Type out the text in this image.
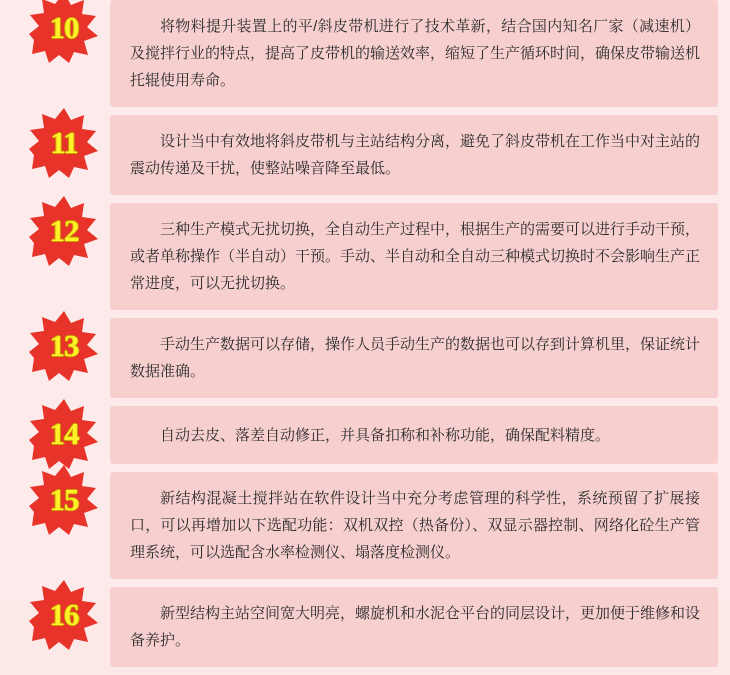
10	将物料提升装置上的平/斜皮带机进行了技术革新，结合国内知名厂家（减速机）及搅拌行业的特点，提高了皮带机的输送效率，缩短了生产循环时间，确保皮带输送机托辊使用寿命。

11	设计当中有效地将斜皮带机与主站结构分离，避免了斜皮带机在工作当中对主站的震动传递及干扰，使整站噪音降至最低。

12	三种生产模式无扰切换，全自动生产过程中，根据生产的需要可以进行手动干预，或者单称操作（半自动）干预。手动、半自动和全自动三种模式切换时不会影响生产正常进度，可以无扰切换。

13	手动生产数据可以存储，操作人员手动生产的数据也可以存到计算机里，保证统计数据准确。

14	自动去皮、落差自动修正，并具备扣称和补称功能，确保配料精度。

15	新结构混凝土搅拌站在软件设计当中充分考虑管理的科学性，系统预留了扩展接口，可以再增加以下选配功能：双机双控（热备份）、双显示器控制、网络化砼生产管理系统，可以选配含水率检测仪、塌落度检测仪。

16	新型结构主站空间宽大明亮，螺旋机和水泥仓平台的同层设计，更加便于维修和设备养护。
